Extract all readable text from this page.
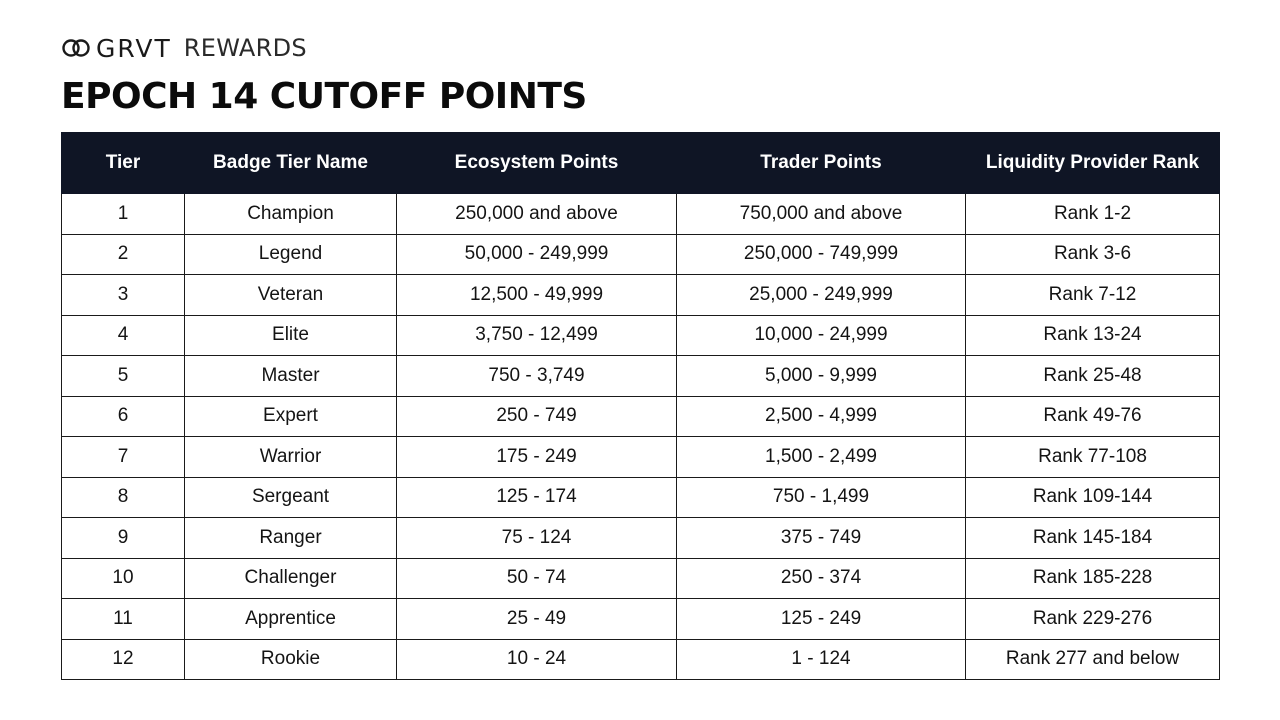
GRVT REWARDS
EPOCH 14 CUTOFF POINTS
Tier	Badge Tier Name	Ecosystem Points	Trader Points	Liquidity Provider Rank
1	Champion	250,000 and above	750,000 and above	Rank 1-2
2	Legend	50,000 - 249,999	250,000 - 749,999	Rank 3-6
3	Veteran	12,500 - 49,999	25,000 - 249,999	Rank 7-12
4	Elite	3,750 - 12,499	10,000 - 24,999	Rank 13-24
5	Master	750 - 3,749	5,000 - 9,999	Rank 25-48
6	Expert	250 - 749	2,500 - 4,999	Rank 49-76
7	Warrior	175 - 249	1,500 - 2,499	Rank 77-108
8	Sergeant	125 - 174	750 - 1,499	Rank 109-144
9	Ranger	75 - 124	375 - 749	Rank 145-184
10	Challenger	50 - 74	250 - 374	Rank 185-228
11	Apprentice	25 - 49	125 - 249	Rank 229-276
12	Rookie	10 - 24	1 - 124	Rank 277 and below
